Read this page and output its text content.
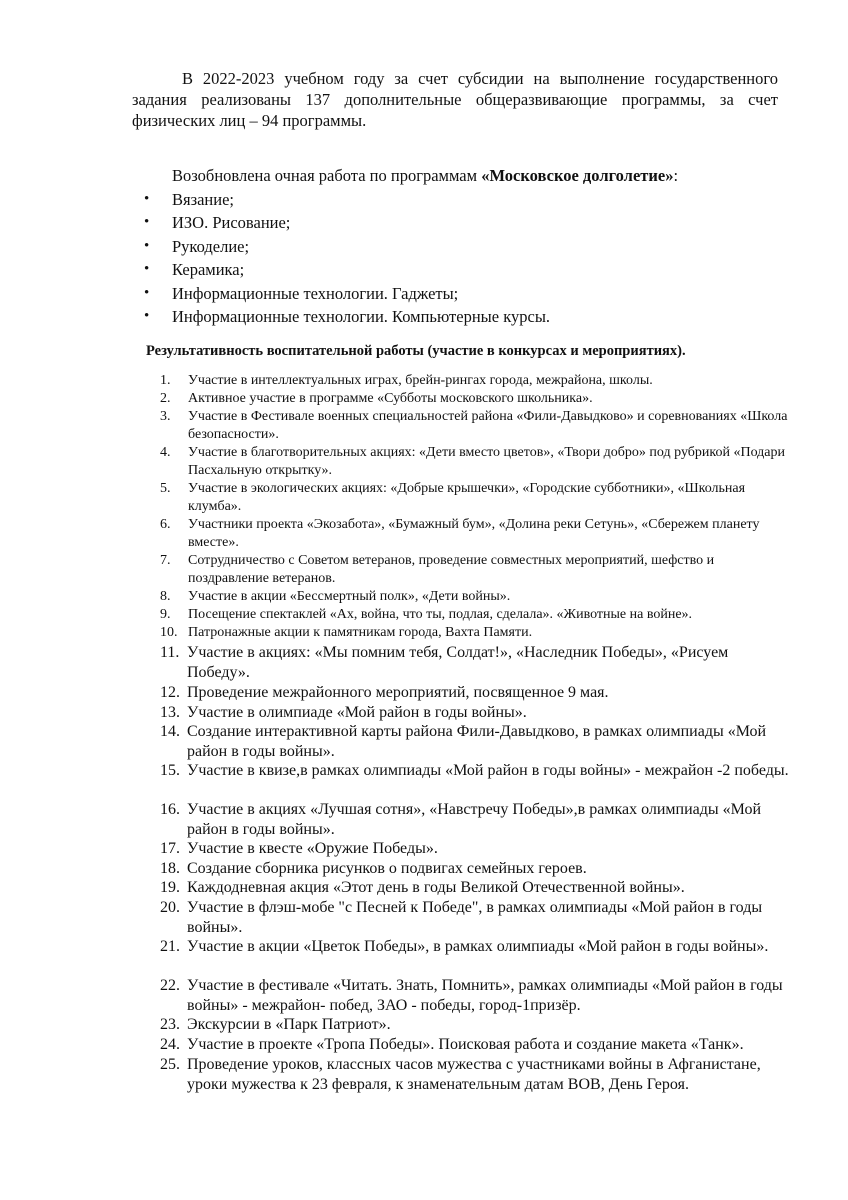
В 2022-2023 учебном году за счет субсидии на выполнение государственного задания реализованы 137 дополнительные общеразвивающие программы, за счет физических лиц – 94 программы.

Возобновлена очная работа по программам «Московское долголетие»:

• Вязание;
• ИЗО. Рисование;
• Рукоделие;
• Керамика;
• Информационные технологии. Гаджеты;
• Информационные технологии. Компьютерные курсы.

Результативность воспитательной работы (участие в конкурсах и мероприятиях).

1.	Участие в интеллектуальных играх, брейн-рингах города, межрайона, школы.
2.	Активное участие в программе «Субботы московского школьника».
3.	Участие в Фестивале военных специальностей района «Фили-Давыдково» и соревнованиях «Школа безопасности».
4.	Участие в благотворительных акциях: «Дети вместо цветов», «Твори добро» под рубрикой «Подари Пасхальную открытку».
5.	Участие в экологических акциях: «Добрые крышечки», «Городские субботники», «Школьная клумба».
6.	Участники проекта «Экозабота», «Бумажный бум», «Долина реки Сетунь», «Сбережем планету вместе».
7.	Сотрудничество с Советом ветеранов, проведение совместных мероприятий, шефство и поздравление ветеранов.
8.	Участие в акции «Бессмертный полк», «Дети войны».
9.	Посещение спектаклей «Ах, война, что ты, подлая, сделала». «Животные на войне».
10. Патронажные акции к памятникам города, Вахта Памяти.
11. Участие в акциях: «Мы помним тебя, Солдат!», «Наследник Победы», «Рисуем Победу».
12. Проведение межрайонного мероприятий, посвященное 9 мая.
13. Участие в олимпиаде «Мой район в годы войны».
14. Создание интерактивной карты района Фили-Давыдково, в рамках олимпиады «Мой район в годы войны».
15. Участие в квизе,в рамках олимпиады «Мой район в годы войны» - межрайон -2 победы.
16. Участие в акциях «Лучшая сотня», «Навстречу Победы»,в рамках олимпиады «Мой район в годы войны».
17. Участие в квесте «Оружие Победы».
18. Создание сборника рисунков о подвигах семейных героев.
19. Каждодневная акция «Этот день в годы Великой Отечественной войны».
20. Участие в флэш-мобе "с Песней к Победе", в рамках олимпиады «Мой район в годы войны».
21. Участие в акции «Цветок Победы», в рамках олимпиады «Мой район в годы войны».
22. Участие в фестивале «Читать. Знать, Помнить», рамках олимпиады «Мой район в годы войны» - межрайон- побед, ЗАО - победы, город-1призёр.
23. Экскурсии в «Парк Патриот».
24. Участие в проекте «Тропа Победы». Поисковая работа и создание макета «Танк».
25. Проведение уроков, классных часов мужества с участниками войны в Афганистане, уроки мужества к 23 февраля, к знаменательным датам ВОВ, День Героя.
